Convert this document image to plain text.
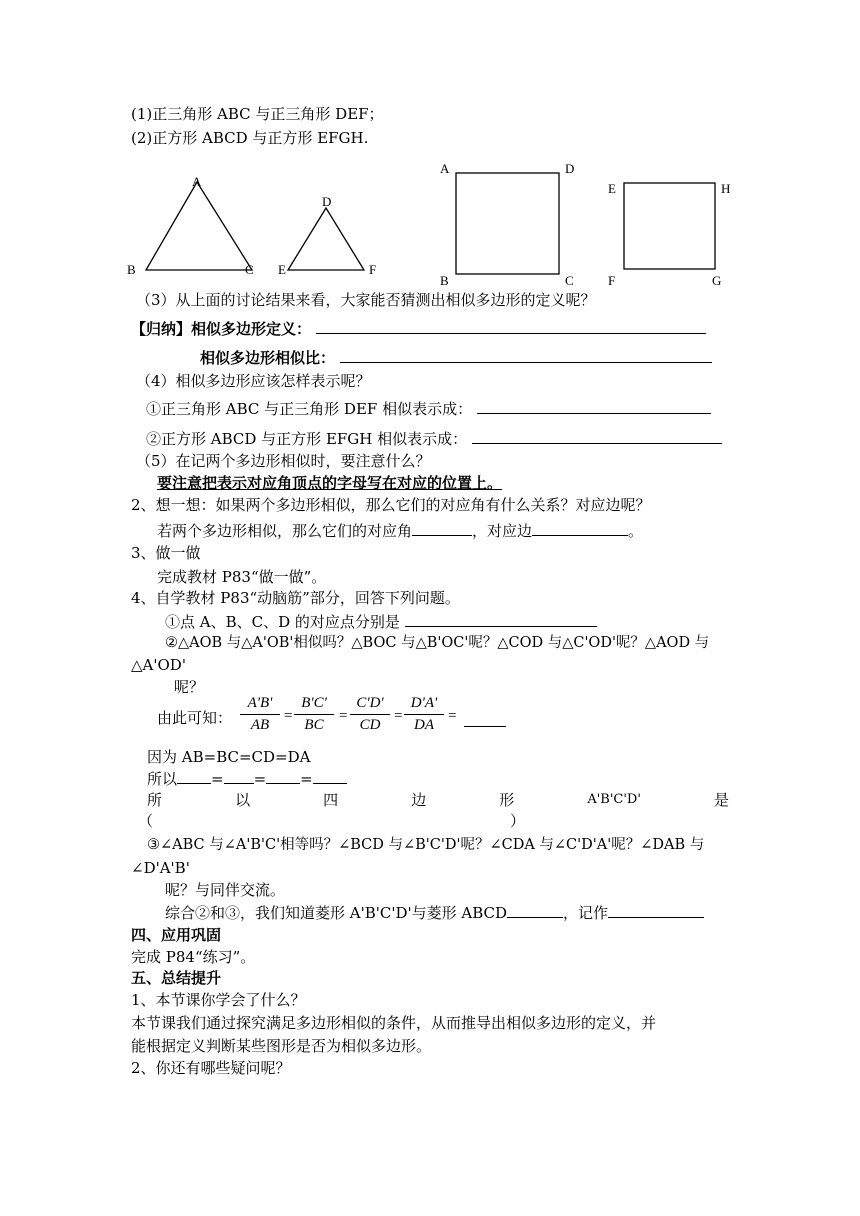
(1)正三角形 ABC 与正三角形 DEF；
(2)正方形 ABCD 与正方形 EFGH.
A
B	C
D
E	F
A	D
B	C
E	H
F	G
（3）从上面的讨论结果来看，大家能否猜测出相似多边形的定义呢？
【归纳】相似多边形定义：
相似多边形相似比：
（4）相似多边形应该怎样表示呢？
①正三角形 ABC 与正三角形 DEF 相似表示成：
②正方形 ABCD 与正方形 EFGH 相似表示成：
（5）在记两个多边形相似时，要注意什么？
要注意把表示对应角顶点的字母写在对应的位置上。
2、想一想：如果两个多边形相似，那么它们的对应角有什么关系？对应边呢？
若两个多边形相似，那么它们的对应角	，对应边	。
3、做一做
完成教材 P83“做一做”。
4、自学教材 P83“动脑筋”部分，回答下列问题。
①点 A、B、C、D 的对应点分别是
②△AOB 与△A'OB'相似吗？△BOC 与△B'OC'呢？△COD 与△C'OD'呢？△AOD 与
△A'OD'
呢？
由此可知：
A'B'
AB
=
B'C'
BC
=
C'D'
CD
=
D'A'
DA
=
因为 AB=BC=CD=DA
所以 = = =
所	以	四	边	形	A'B'C'D'	是
（	）
③∠ABC 与∠A'B'C'相等吗？∠BCD 与∠B'C'D'呢？∠CDA 与∠C'D'A'呢？∠DAB 与
∠D'A'B'
呢？与同伴交流。
综合②和③，我们知道菱形 A'B'C'D'与菱形 ABCD	，记作
四、应用巩固
完成 P84“练习”。
五、总结提升
1、本节课你学会了什么？
本节课我们通过探究满足多边形相似的条件，从而推导出相似多边形的定义，并
能根据定义判断某些图形是否为相似多边形。
2、你还有哪些疑问呢？
